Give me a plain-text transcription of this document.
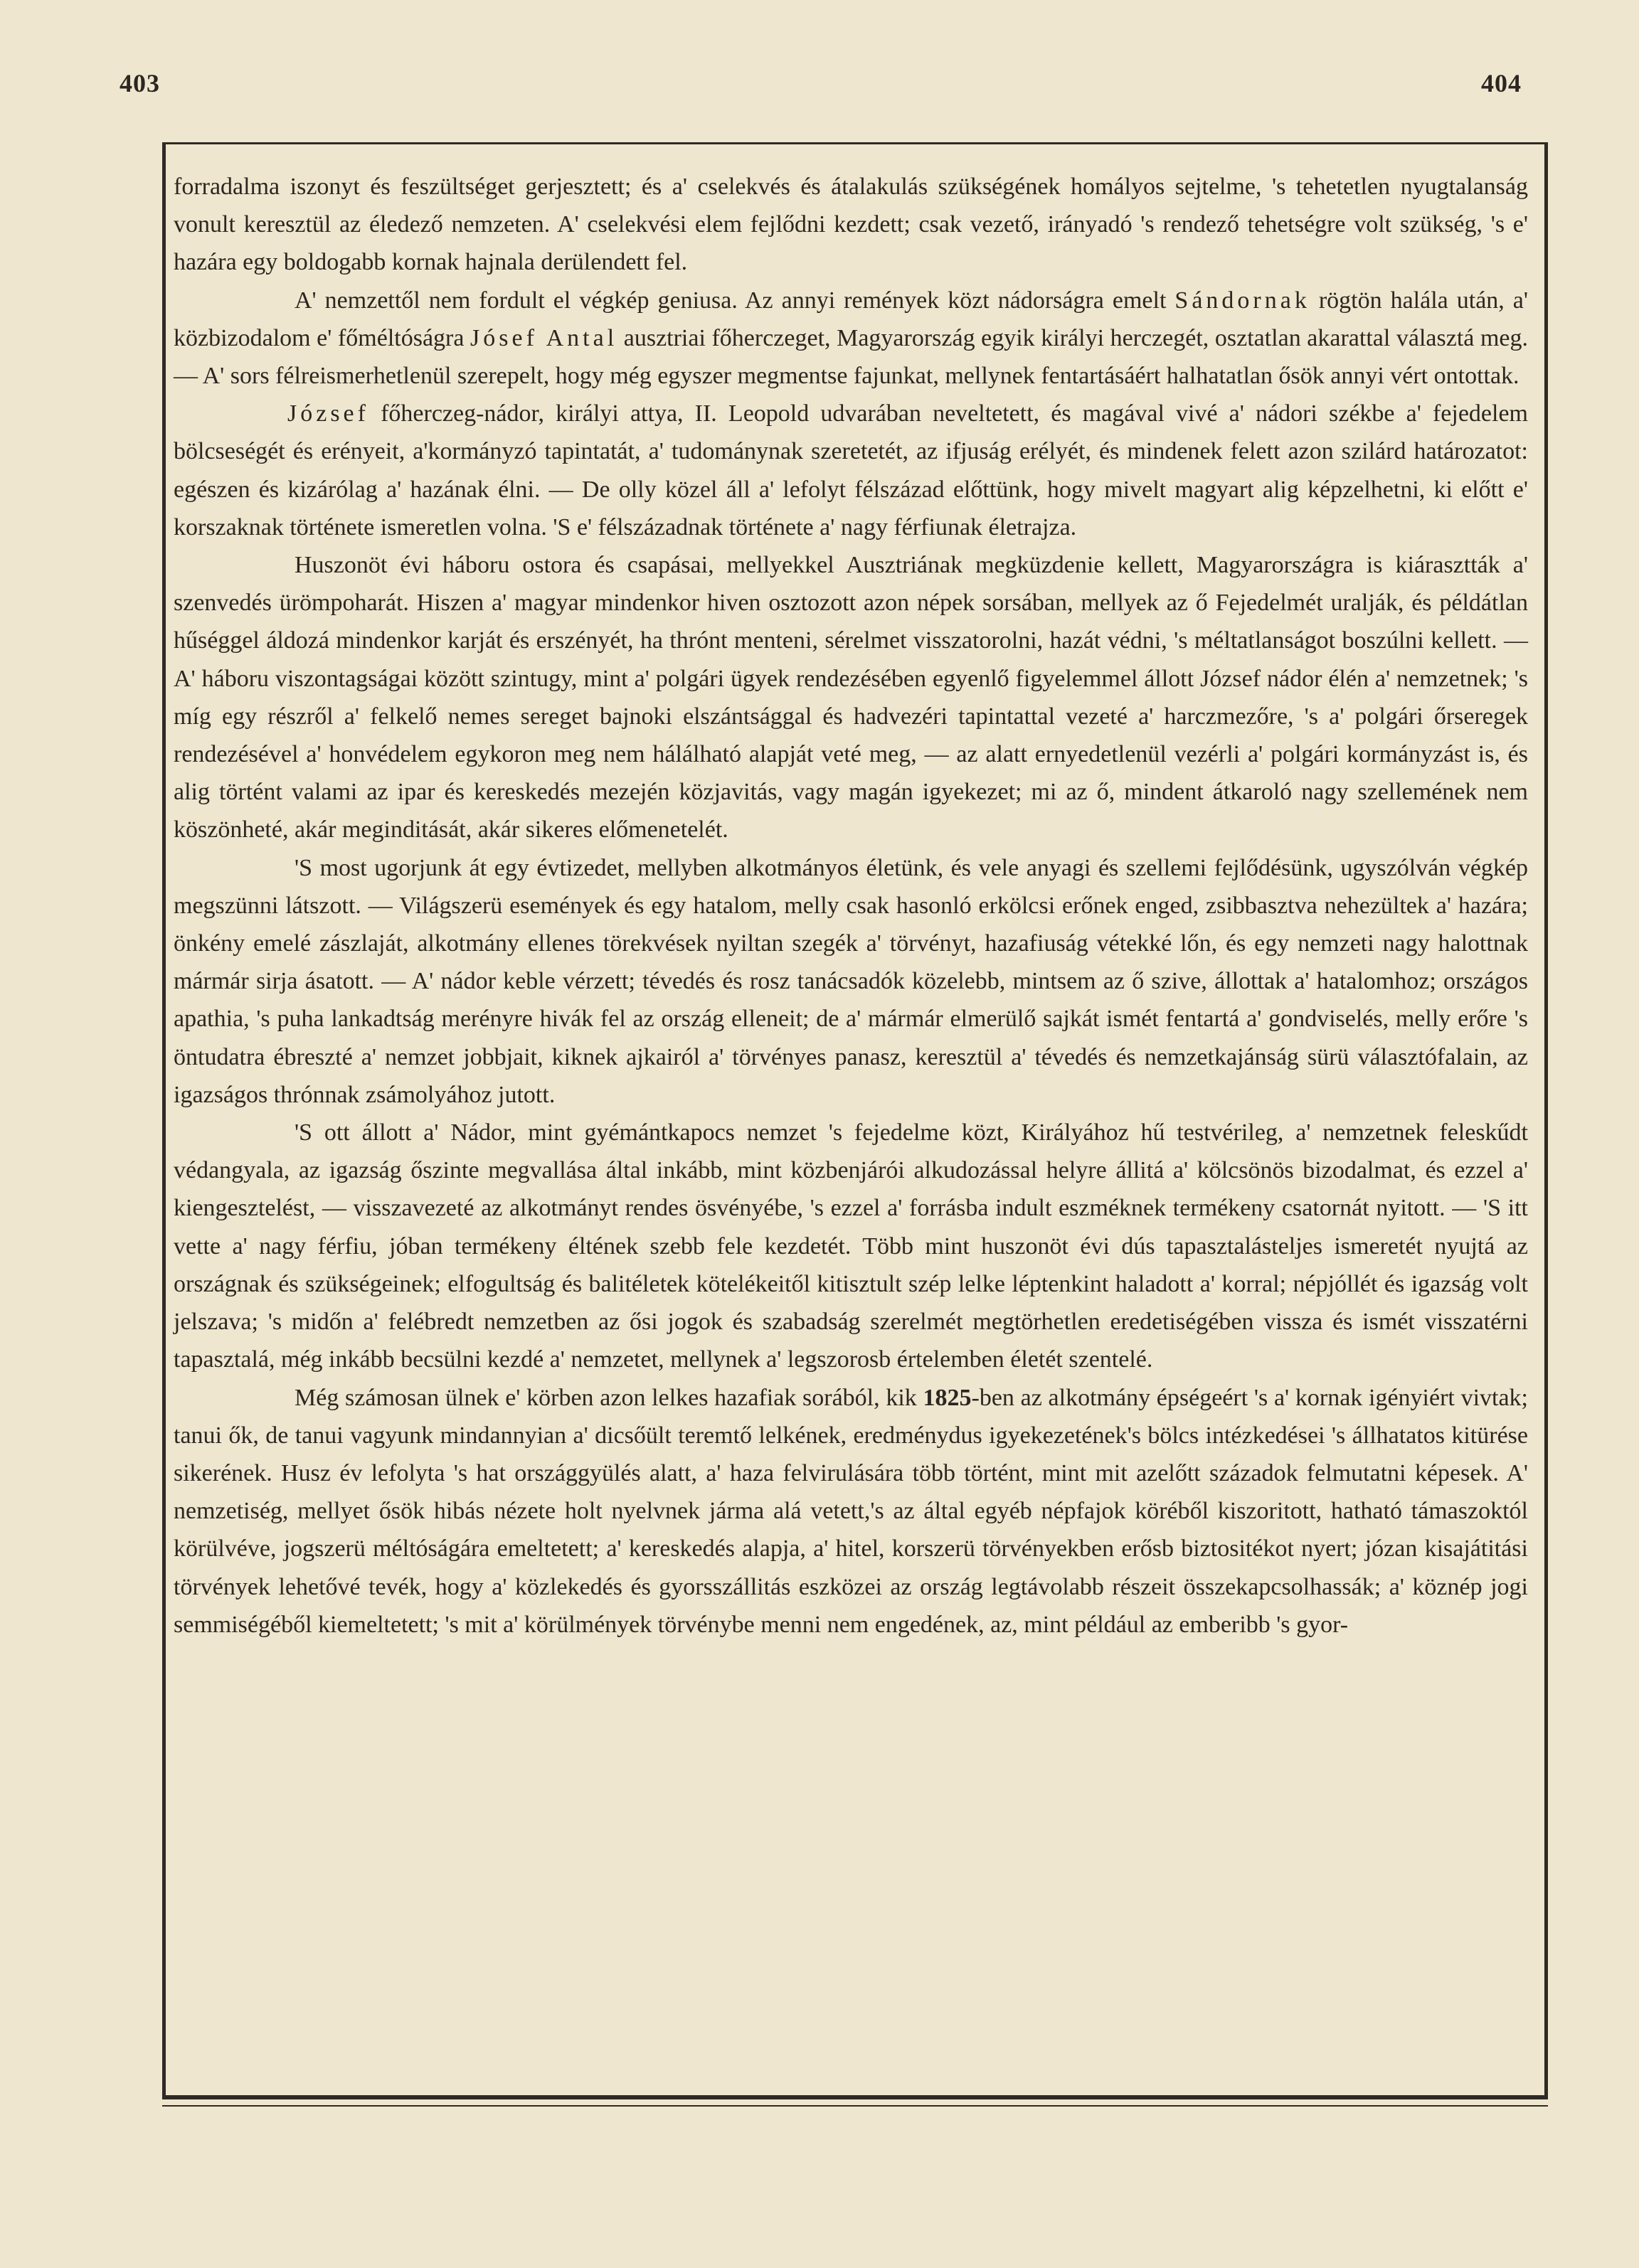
403	404

forradalma iszonyt és feszültséget gerjesztett; és a' cselekvés és átalakulás szükségének homályos sejtelme, 's tehetetlen nyugtalanság vonult keresztül az éledező nemzeten. A' cselekvési elem fejlődni kezdett; csak vezető, irányadó 's rendező tehetségre volt szükség, 's e' hazára egy boldogabb kornak hajnala derülendett fel.

A' nemzettől nem fordult el végkép geniusa. Az annyi remények közt nádorságra emelt Sándornak rögtön halála után, a' közbizodalom e' főméltóságra Jósef Antal ausztriai főherczeget, Magyarország egyik királyi herczegét, osztatlan akarattal választá meg. — A' sors félreismerhetlenül szerepelt, hogy még egyszer megmentse fajunkat, mellynek fentartásáért halhatatlan ősök annyi vért ontottak.

József főherczeg-nádor, királyi attya, II. Leopold udvarában neveltetett, és magával vivé a' nádori székbe a' fejedelem bölcseségét és erényeit, a'kormányzó tapintatát, a' tudománynak szeretetét, az ifjuság erélyét, és mindenek felett azon szilárd határozatot: egészen és kizárólag a' hazának élni. — De olly közel áll a' lefolyt félszázad előttünk, hogy mivelt magyart alig képzelhetni, ki előtt e' korszaknak története ismeretlen volna. 'S e' félszázadnak története a' nagy férfiunak életrajza.

Huszonöt évi háboru ostora és csapásai, mellyekkel Ausztriának megküzdenie kellett, Magyarországra is kiárasztták a' szenvedés ürömpoharát. Hiszen a' magyar mindenkor hiven osztozott azon népek sorsában, mellyek az ő Fejedelmét uralják, és példátlan hűséggel áldozá mindenkor karját és erszényét, ha thrónt menteni, sérelmet visszatorolni, hazát védni, 's méltatlanságot boszúlni kellett. — A' háboru viszontagságai között szintugy, mint a' polgári ügyek rendezésében egyenlő figyelemmel állott József nádor élén a' nemzetnek; 's míg egy részről a' felkelő nemes sereget bajnoki elszántsággal és hadvezéri tapintattal vezeté a' harczmezőre, 's a' polgári őrseregek rendezésével a' honvédelem egykoron meg nem hálálható alapját veté meg, — az alatt ernyedetlenül vezérli a' polgári kormányzást is, és alig történt valami az ipar és kereskedés mezején közjavitás, vagy magán igyekezet; mi az ő, mindent átkaroló nagy szellemének nem köszönheté, akár meginditását, akár sikeres előmenetelét.

'S most ugorjunk át egy évtizedet, mellyben alkotmányos életünk, és vele anyagi és szellemi fejlődésünk, ugyszólván végkép megszünni látszott. — Világszerü események és egy hatalom, melly csak hasonló erkölcsi erőnek enged, zsibbasztva nehezültek a' hazára; önkény emelé zászlaját, alkotmány ellenes törekvések nyiltan szegék a' törvényt, hazafiuság vétekké lőn, és egy nemzeti nagy halottnak mármár sirja ásatott. — A' nádor keble vérzett; tévedés és rosz tanácsadók közelebb, mintsem az ő szive, állottak a' hatalomhoz; országos apathia, 's puha lankadtság merényre hivák fel az ország elleneit; de a' mármár elmerülő sajkát ismét fentartá a' gondviselés, melly erőre 's öntudatra ébreszté a' nemzet jobbjait, kiknek ajkairól a' törvényes panasz, keresztül a' tévedés és nemzetkajánság sürü választófalain, az igazságos thrónnak zsámolyához jutott.

'S ott állott a' Nádor, mint gyémántkapocs nemzet 's fejedelme közt, Királyához hű testvérileg, a' nemzetnek feleskűdt védangyala, az igazság őszinte megvallása által inkább, mint közbenjárói alkudozással helyre állitá a' kölcsönös bizodalmat, és ezzel a' kiengesztelést, — visszavezeté az alkotmányt rendes ösvényébe, 's ezzel a' forrásba indult eszméknek termékeny csatornát nyitott. — 'S itt vette a' nagy férfiu, jóban termékeny éltének szebb fele kezdetét. Több mint huszonöt évi dús tapasztalásteljes ismeretét nyujtá az országnak és szükségeinek; elfogultság és balitéletek kötelékeitől kitisztult szép lelke léptenkint haladott a' korral; népjóllét és igazság volt jelszava; 's midőn a' felébredt nemzetben az ősi jogok és szabadság szerelmét megtörhetlen eredetiségében vissza és ismét visszatérni tapasztalá, még inkább becsülni kezdé a' nemzetet, mellynek a' legszorosb értelemben életét szentelé.

Még számosan ülnek e' körben azon lelkes hazafiak sorából, kik 1825-ben az alkotmány épségeért 's a' kornak igényiért vivtak; tanui ők, de tanui vagyunk mindannyian a' dicsőült teremtő lelkének, eredménydus igyekezetének's bölcs intézkedései 's állhatatos kitürése sikerének. Husz év lefolyta 's hat országgyülés alatt, a' haza felvirulására több történt, mint mit azelőtt századok felmutatni képesek. A' nemzetiség, mellyet ősök hibás nézete holt nyelvnek járma alá vetett,'s az által egyéb népfajok köréből kiszoritott, hatható támaszoktól körülvéve, jogszerü méltóságára emeltetett; a' kereskedés alapja, a' hitel, korszerü törvényekben erősb biztositékot nyert; józan kisajátitási törvények lehetővé tevék, hogy a' közlekedés és gyorsszállitás eszközei az ország legtávolabb részeit összekapcsolhassák; a' köznép jogi semmiségéből kiemeltetett; 's mit a' körülmények törvénybe menni nem engedének, az, mint például az emberibb 's gyor-
